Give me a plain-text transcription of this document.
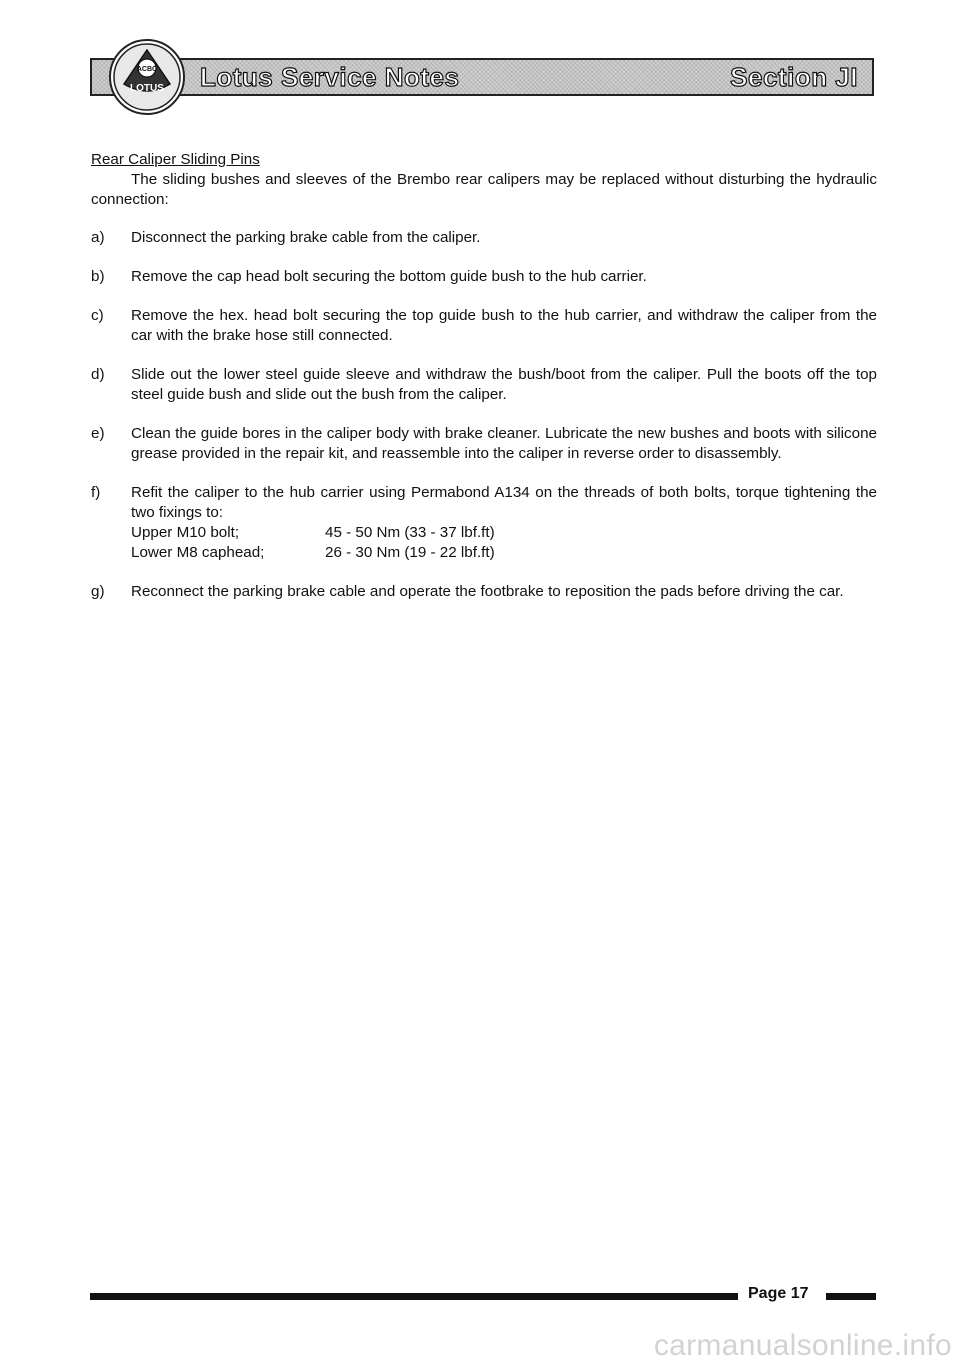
Lotus Service Notes	Section JI
ACBC
LOTUS
Rear Caliper Sliding Pins

The sliding bushes and sleeves of the Brembo rear calipers may be replaced without disturbing the hydraulic connection:

a)	Disconnect the parking brake cable from the caliper.
b)	Remove the cap head bolt securing the bottom guide bush to the hub carrier.
c)	Remove the hex. head bolt securing the top guide bush to the hub carrier, and withdraw the caliper from the car with the brake hose still connected.
d)	Slide out the lower steel guide sleeve and withdraw the bush/boot from the caliper. Pull the boots off the top steel guide bush and slide out the bush from the caliper.
e)	Clean the guide bores in the caliper body with brake cleaner. Lubricate the new bushes and boots with silicone grease provided in the repair kit, and reassemble into the caliper in reverse order to disassembly.
f)	Refit the caliper to the hub carrier using Permabond A134 on the threads of both bolts, torque tightening the two fixings to:
Upper M10 bolt;	45 - 50 Nm (33 - 37 lbf.ft)
Lower M8 caphead;	26 - 30 Nm (19 - 22 lbf.ft)
g)	Reconnect the parking brake cable and operate the footbrake to reposition the pads before driving the car.
Page 17
carmanualsonline.info
